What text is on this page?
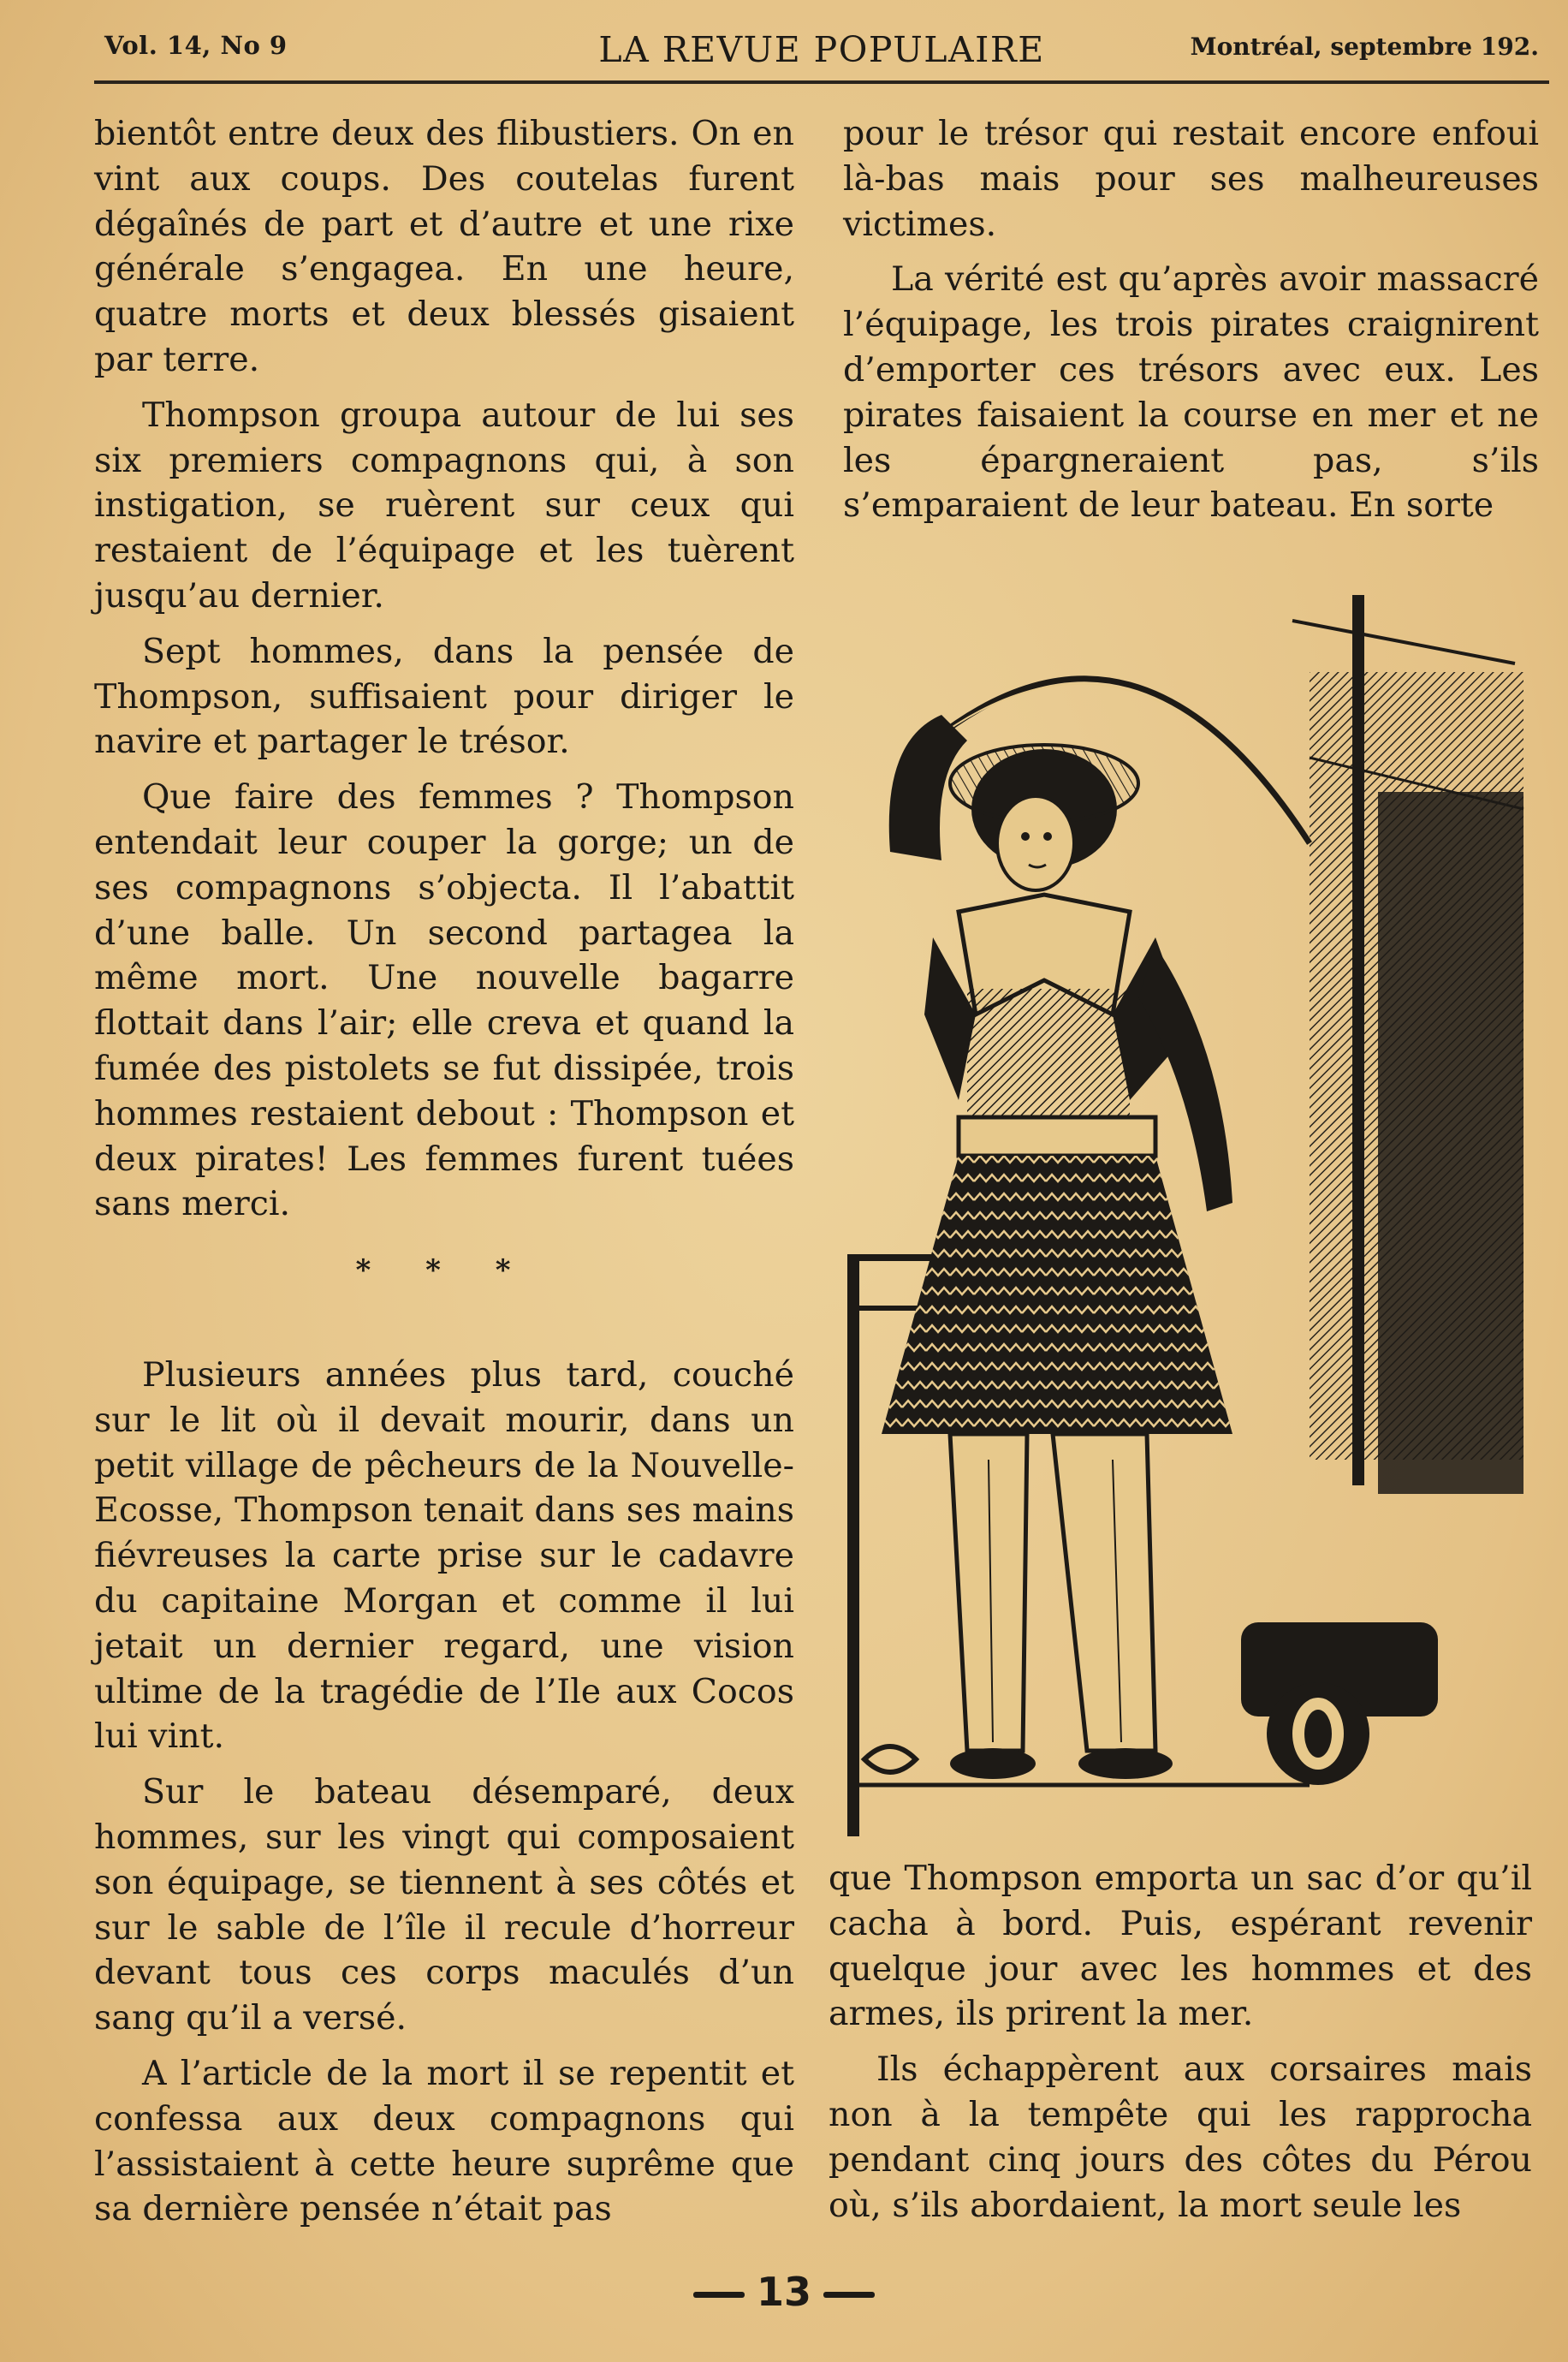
Vol. 14, No 9	LA REVUE POPULAIRE	Montréal, septembre 192.

bientôt entre deux des flibustiers. On en vint aux coups. Des coutelas furent dégaînés de part et d’autre et une rixe générale s’engagea. En une heure, quatre morts et deux blessés gisaient par terre.

Thompson groupa autour de lui ses six premiers compagnons qui, à son instigation, se ruèrent sur ceux qui restaient de l’équipage et les tuèrent jusqu’au dernier.

Sept hommes, dans la pensée de Thompson, suffisaient pour diriger le navire et partager le trésor.

Que faire des femmes ? Thompson entendait leur couper la gorge; un de ses compagnons s’objecta. Il l’abattit d’une balle. Un second partagea la même mort. Une nouvelle bagarre flottait dans l’air; elle creva et quand la fumée des pistolets se fut dissipée, trois hommes restaient debout : Thompson et deux pirates! Les femmes furent tuées sans merci.

* * *

Plusieurs années plus tard, couché sur le lit où il devait mourir, dans un petit village de pêcheurs de la Nouvelle-Ecosse, Thompson tenait dans ses mains fiévreuses la carte prise sur le cadavre du capitaine Morgan et comme il lui jetait un dernier regard, une vision ultime de la tragédie de l’Ile aux Cocos lui vint.

Sur le bateau désemparé, deux hommes, sur les vingt qui composaient son équipage, se tiennent à ses côtés et sur le sable de l’île il recule d’horreur devant tous ces corps maculés d’un sang qu’il a versé.

A l’article de la mort il se repentit et confessa aux deux compagnons qui l’assistaient à cette heure suprême que sa dernière pensée n’était pas

pour le trésor qui restait encore enfoui là-bas mais pour ses malheureuses victimes.

La vérité est qu’après avoir massacré l’équipage, les trois pirates craignirent d’emporter ces trésors avec eux. Les pirates faisaient la course en mer et ne les épargneraient pas, s’ils s’emparaient de leur bateau. En sorte

que Thompson emporta un sac d’or qu’il cacha à bord. Puis, espérant revenir quelque jour avec les hommes et des armes, ils prirent la mer.

Ils échappèrent aux corsaires mais non à la tempête qui les rapprocha pendant cinq jours des côtes du Pérou où, s’ils abordaient, la mort seule les

13
